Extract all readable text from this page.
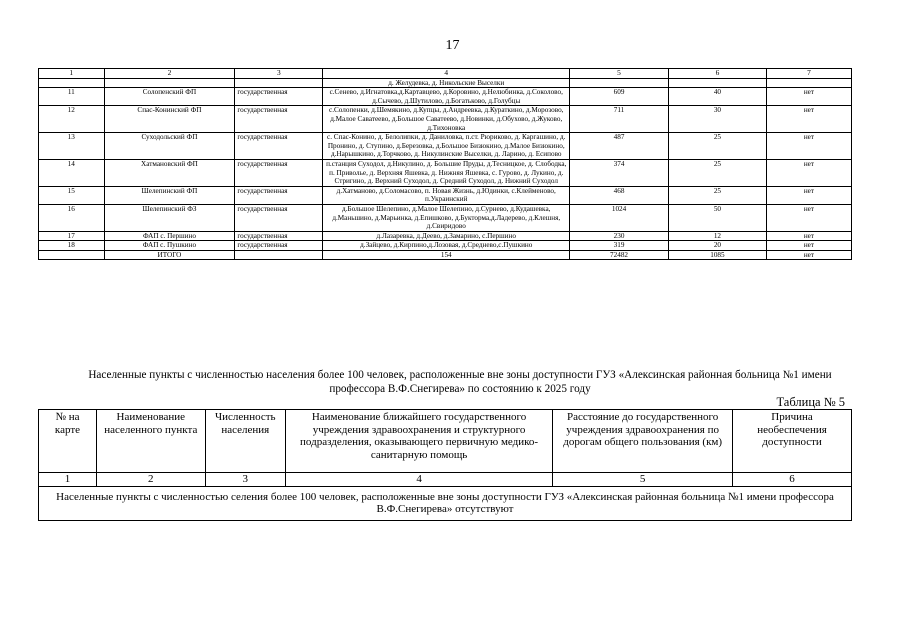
17
1	2	3	4	5	6	7
			д. Желудевка, д. Никольские Выселки			
11	Солопенский ФП	государственная	с.Сенево, д.Игнатовка,д.Картавцево, д.Коровино, д.Нелюбинка, д.Соколово, д.Сычево, д.Шутилово, д.Богатьково, д.Голубцы	609	40	нет
12	Спас-Конинский ФП	государственная	с.Солопенки, д.Шемякино, д.Купцы, д.Андреевка, д.Кураткино, д.Морозово, д.Малое Саватеево, д.Большое Саватеево, д.Новинки, д.Обухово, д.Жуково, д.Тихоновка	711	30	нет
13	Суходольский ФП	государственная	с. Спас-Конино, д. Белолипки, д. Даниловка, п.ст. Рюриково, д. Каргашино, д. Пронино, д. Ступино, д.Березовка, д.Большое Бизюкино, д.Малое Бизюкино, д.Нарышкино, д.Торчково, д. Никулинские Выселки, д. Ларино, д. Есипово	487	25	нет
14	Хатмановский ФП	государственная	п.станция Суходол, д.Никулино, д. Большие Пруды, д.Тесницкое, д. Слободка, п. Привольe, д. Верхняя Яшевка, д. Нижняя Яшевка, с. Гурово, д. Лукино, д. Стригино, д. Верхний Суходол, д. Средний Суходол, д. Нижний Суходол	374	25	нет
15	Шелепинский ФП	государственная	д.Хатманово, д.Соломасово, п. Новая Жизнь, д.Юдинки, с.Клейменово, п.Украинский	468	25	нет
16	Шелепинский ФЗ	государственная	д.Большое Шелепино, д.Малое Шелепино, д.Сурнево, д.Кудашевка, д.Маньшино, д.Марьинка, д.Епишково, д.Букторма,д.Ладерево, д.Клешня, д.Свиридово	1024	50	нет
17	ФАП с. Першино	государственная	д.Лазаревка, д.Деево, д.Замарино, с.Першино	230	12	нет
18	ФАП с. Пушкино	государственная	д.Зайцево, д.Кирпино,д.Лозовая, д.Среднево,с.Пушкино	319	20	нет
	ИТОГО		154	72482	1085	нет
Населенные пункты с численностью населения более 100 человек, расположенные вне зоны доступности ГУЗ «Алексинская районная больница №1 имени профессора В.Ф.Снегирева» по состоянию к 2025 году
Таблица № 5
№ на карте	Наименование населенного пункта	Численность населения	Наименование ближайшего государственного учреждения здравоохранения и структурного подразделения, оказывающего первичную медико-санитарную помощь	Расстояние до государственного учреждения здравоохранения по дорогам общего пользования (км)	Причина необеспечения доступности
1	2	3	4	5	6
Населенные пункты с численностью селения более 100 человек, расположенные вне зоны доступности ГУЗ «Алексинская районная больница №1 имени профессора В.Ф.Снегирева» отсутствуют					
